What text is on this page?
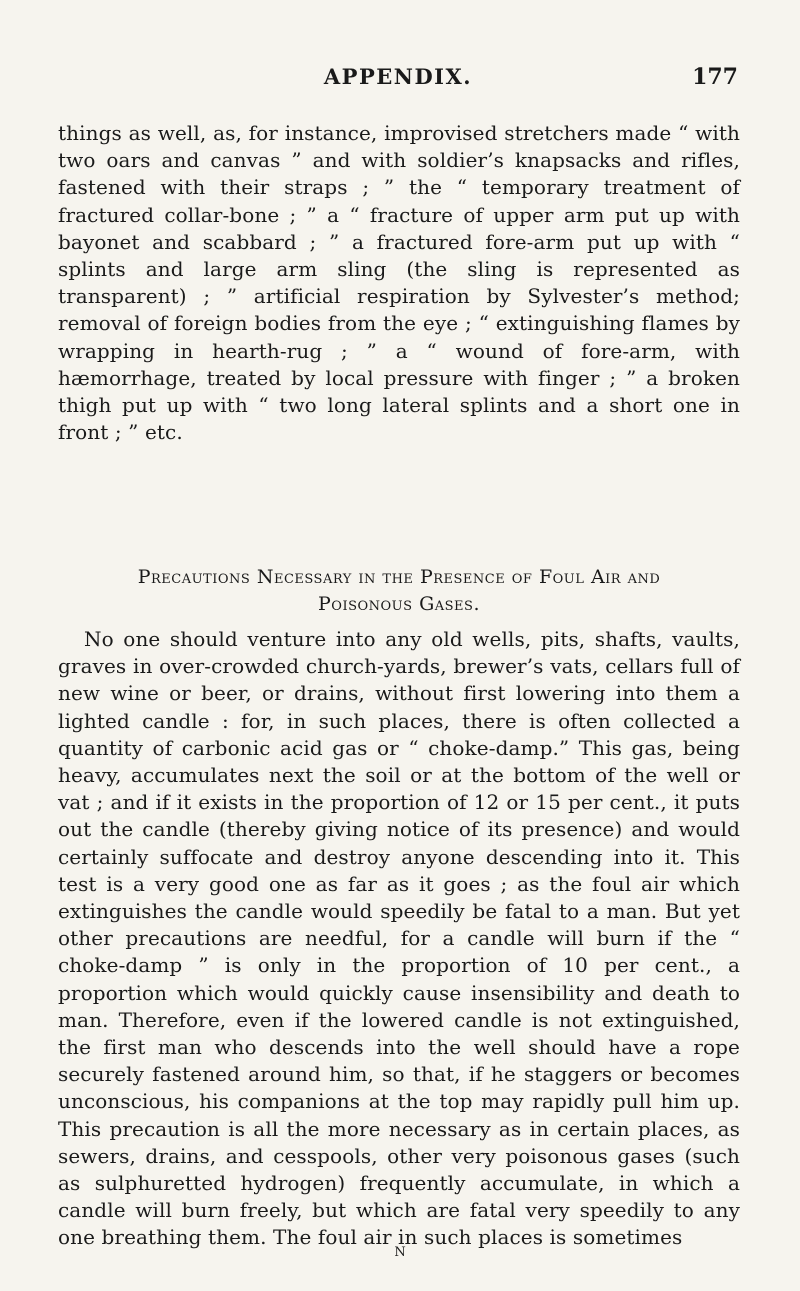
APPENDIX.	177
things as well, as, for instance, improvised stretchers made “ with two oars and canvas ” and with soldier’s knapsacks and rifles, fastened with their straps ; ” the “ temporary treatment of fractured collar-bone ; ” a “ fracture of upper arm put up with bayonet and scabbard ; ” a fractured fore-arm put up with “ splints and large arm sling (the sling is represented as transparent) ; ” artificial respiration by Sylvester’s method; removal of foreign bodies from the eye ; “ extinguishing flames by wrapping in hearth-rug ; ” a “ wound of fore-arm, with hæmorrhage, treated by local pressure with finger ; ” a broken thigh put up with “ two long lateral splints and a short one in front ; ” etc.
Precautions Necessary in the Presence of Foul Air and
Poisonous Gases.
No one should venture into any old wells, pits, shafts, vaults, graves in over-crowded church-yards, brewer’s vats, cellars full of new wine or beer, or drains, without first lowering into them a lighted candle : for, in such places, there is often collected a quantity of carbonic acid gas or “ choke-damp.” This gas, being heavy, accumulates next the soil or at the bottom of the well or vat ; and if it exists in the proportion of 12 or 15 per cent., it puts out the candle (thereby giving notice of its presence) and would certainly suffocate and destroy anyone descending into it. This test is a very good one as far as it goes ; as the foul air which extinguishes the candle would speedily be fatal to a man. But yet other precautions are needful, for a candle will burn if the “ choke-damp ” is only in the proportion of 10 per cent., a proportion which would quickly cause insensibility and death to man. Therefore, even if the lowered candle is not extinguished, the first man who descends into the well should have a rope securely fastened around him, so that, if he staggers or becomes unconscious, his companions at the top may rapidly pull him up. This precaution is all the more necessary as in certain places, as sewers, drains, and cesspools, other very poisonous gases (such as sulphuretted hydrogen) frequently accumulate, in which a candle will burn freely, but which are fatal very speedily to any one breathing them. The foul air in such places is sometimes
N
